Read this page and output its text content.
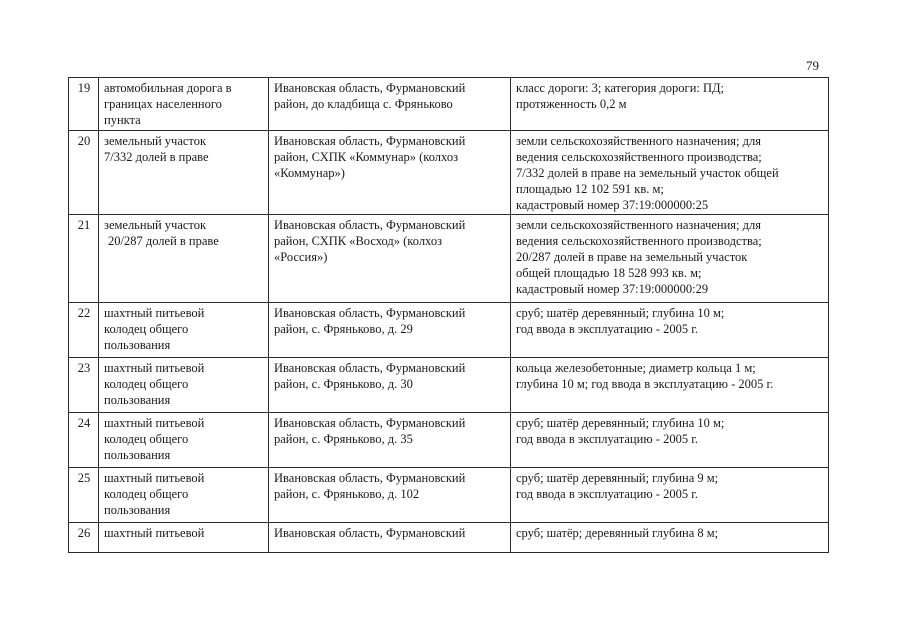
79
19	автомобильная дорога в
границах населенного
пункта	Ивановская область, Фурмановский
район, до кладбища с. Фряньково	класс дороги: 3; категория дороги: ПД;
протяженность 0,2 м

20	земельный участок
7/332 долей в праве	Ивановская область, Фурмановский
район, СХПК «Коммунар» (колхоз
«Коммунар»)	земли сельскохозяйственного назначения; для
ведения сельскохозяйственного производства;
7/332 долей в праве на земельный участок общей
площадью 12 102 591 кв. м;
кадастровый номер 37:19:000000:25

21	земельный участок
20/287 долей в праве	Ивановская область, Фурмановский
район, СХПК «Восход» (колхоз
«Россия»)	земли сельскохозяйственного назначения; для
ведения сельскохозяйственного производства;
20/287 долей в праве на земельный участок
общей площадью 18 528 993 кв. м;
кадастровый номер 37:19:000000:29

22	шахтный питьевой
колодец общего
пользования	Ивановская область, Фурмановский
район, с. Фряньково, д. 29	сруб; шатёр деревянный; глубина 10 м;
год ввода в эксплуатацию - 2005 г.

23	шахтный питьевой
колодец общего
пользования	Ивановская область, Фурмановский
район, с. Фряньково, д. 30	кольца железобетонные; диаметр кольца 1 м;
глубина 10 м; год ввода в эксплуатацию - 2005 г.

24	шахтный питьевой
колодец общего
пользования	Ивановская область, Фурмановский
район, с. Фряньково, д. 35	сруб; шатёр деревянный; глубина 10 м;
год ввода в эксплуатацию - 2005 г.

25	шахтный питьевой
колодец общего
пользования	Ивановская область, Фурмановский
район, с. Фряньково, д. 102	сруб; шатёр деревянный; глубина 9 м;
год ввода в эксплуатацию - 2005 г.

26	шахтный питьевой	Ивановская область, Фурмановский	сруб; шатёр; деревянный глубина 8 м;
